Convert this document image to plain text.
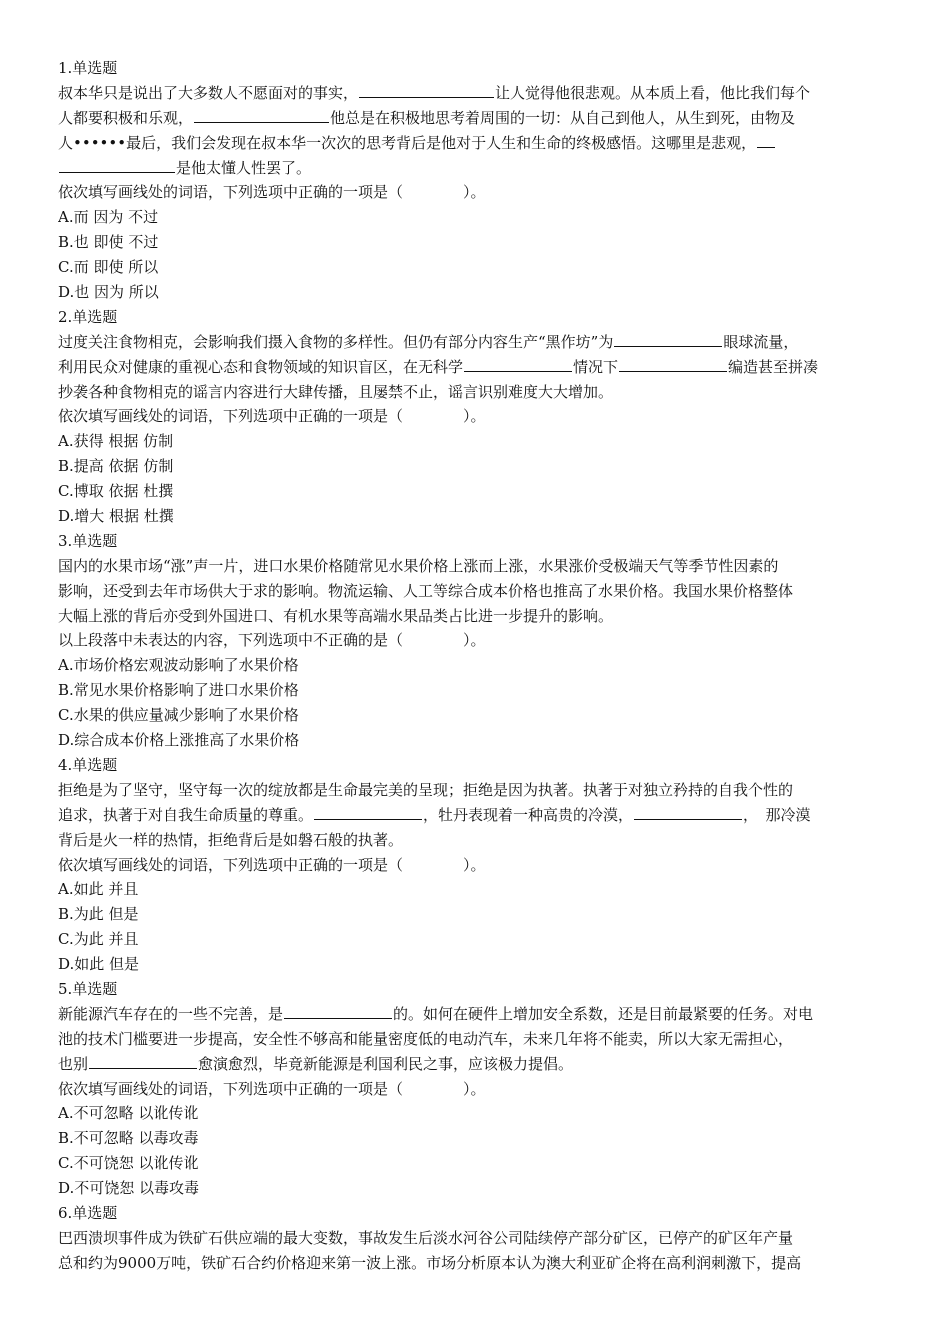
1.单选题
叔本华只是说出了大多数人不愿面对的事实，	让人觉得他很悲观。从本质上看，他比我们每个
人都要积极和乐观，	他总是在积极地思考着周围的一切：从自己到他人，从生到死，由物及
人••••••最后，我们会发现在叔本华一次次的思考背后是他对于人生和生命的终极感悟。这哪里是悲观，
是他太懂人性罢了。
依次填写画线处的词语，下列选项中正确的一项是（　　　　）。
A.而 因为 不过
B.也 即使 不过
C.而 即使 所以
D.也 因为 所以
2.单选题
过度关注食物相克，会影响我们摄入食物的多样性。但仍有部分内容生产“黑作坊”为	眼球流量，
利用民众对健康的重视心态和食物领域的知识盲区，在无科学	情况下	编造甚至拼凑
抄袭各种食物相克的谣言内容进行大肆传播，且屡禁不止，谣言识别难度大大增加。
依次填写画线处的词语，下列选项中正确的一项是（　　　　）。
A.获得 根据 仿制
B.提高 依据 仿制
C.博取 依据 杜撰
D.增大 根据 杜撰
3.单选题
国内的水果市场“涨”声一片，进口水果价格随常见水果价格上涨而上涨，水果涨价受极端天气等季节性因素的
影响，还受到去年市场供大于求的影响。物流运输、人工等综合成本价格也推高了水果价格。我国水果价格整体
大幅上涨的背后亦受到外国进口、有机水果等高端水果品类占比进一步提升的影响。
以上段落中未表达的内容，下列选项中不正确的是（　　　　）。
A.市场价格宏观波动影响了水果价格
B.常见水果价格影响了进口水果价格
C.水果的供应量减少影响了水果价格
D.综合成本价格上涨推高了水果价格
4.单选题
拒绝是为了坚守，坚守每一次的绽放都是生命最完美的呈现；拒绝是因为执著。执著于对独立矜持的自我个性的
追求，执著于对自我生命质量的尊重。	，牡丹表现着一种高贵的冷漠，	，　那冷漠
背后是火一样的热情，拒绝背后是如磐石般的执著。
依次填写画线处的词语，下列选项中正确的一项是（　　　　）。
A.如此 并且
B.为此 但是
C.为此 并且
D.如此 但是
5.单选题
新能源汽车存在的一些不完善，是	的。如何在硬件上增加安全系数，还是目前最紧要的任务。对电
池的技术门槛要进一步提高，安全性不够高和能量密度低的电动汽车，未来几年将不能卖，所以大家无需担心，
也别	愈演愈烈，毕竟新能源是利国利民之事，应该极力提倡。
依次填写画线处的词语，下列选项中正确的一项是（　　　　）。
A.不可忽略 以讹传讹
B.不可忽略 以毒攻毒
C.不可饶恕 以讹传讹
D.不可饶恕 以毒攻毒
6.单选题
巴西溃坝事件成为铁矿石供应端的最大变数，事故发生后淡水河谷公司陆续停产部分矿区，已停产的矿区年产量
总和约为9000万吨，铁矿石合约价格迎来第一波上涨。市场分析原本认为澳大利亚矿企将在高利润刺激下，提高
